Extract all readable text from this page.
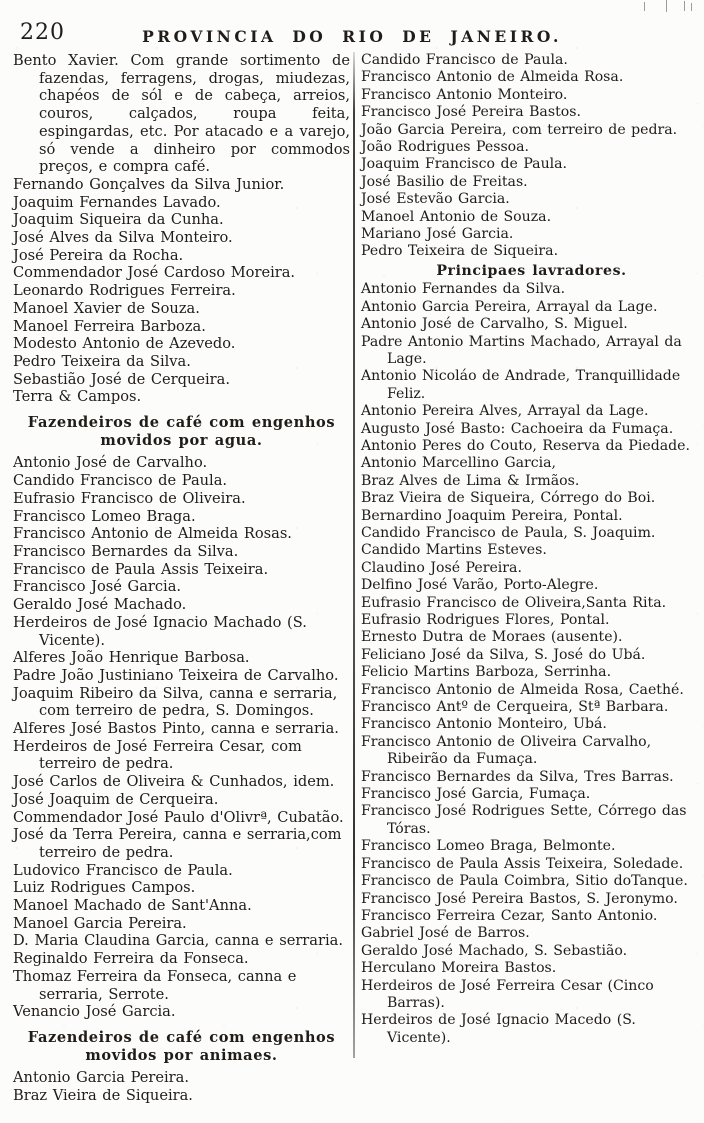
220	PROVINCIA DO RIO DE JANEIRO.

Bento Xavier. Com grande sortimento de fazendas, ferragens, drogas, miudezas, chapéos de sól e de cabeça, arreios, couros, calçados, roupa feita, espingardas, etc. Por atacado e a varejo, só vende a dinheiro por commodos preços, e compra café.

Fernando Gonçalves da Silva Junior.

Joaquim Fernandes Lavado.

Joaquim Siqueira da Cunha.

José Alves da Silva Monteiro.

José Pereira da Rocha.

Commendador José Cardoso Moreira.

Leonardo Rodrigues Ferreira.

Manoel Xavier de Souza.

Manoel Ferreira Barboza.

Modesto Antonio de Azevedo.

Pedro Teixeira da Silva.

Sebastião José de Cerqueira.

Terra & Campos.

Fazendeiros de café com engenhos movidos por agua.

Antonio José de Carvalho.

Candido Francisco de Paula.

Eufrasio Francisco de Oliveira.

Francisco Lomeo Braga.

Francisco Antonio de Almeida Rosas.

Francisco Bernardes da Silva.

Francisco de Paula Assis Teixeira.

Francisco José Garcia.

Geraldo José Machado.

Herdeiros de José Ignacio Machado (S. Vicente).

Alferes João Henrique Barbosa.

Padre João Justiniano Teixeira de Carvalho.

Joaquim Ribeiro da Silva, canna e serraria, com terreiro de pedra, S. Domingos.

Alferes José Bastos Pinto, canna e serraria.

Herdeiros de José Ferreira Cesar, com terreiro de pedra.

José Carlos de Oliveira & Cunhados, idem.

José Joaquim de Cerqueira.

Commendador José Paulo d'Olivrª, Cubatão.

José da Terra Pereira, canna e serraria,com terreiro de pedra.

Ludovico Francisco de Paula.

Luiz Rodrigues Campos.

Manoel Machado de Sant'Anna.

Manoel Garcia Pereira.

D. Maria Claudina Garcia, canna e serraria.

Reginaldo Ferreira da Fonseca.

Thomaz Ferreira da Fonseca, canna e serraria, Serrote.

Venancio José Garcia.

Fazendeiros de café com engenhos movidos por animaes.

Antonio Garcia Pereira.

Braz Vieira de Siqueira.

Candido Francisco de Paula.

Francisco Antonio de Almeida Rosa.

Francisco Antonio Monteiro.

Francisco José Pereira Bastos.

João Garcia Pereira, com terreiro de pedra.

João Rodrigues Pessoa.

Joaquim Francisco de Paula.

José Basilio de Freitas.

José Estevão Garcia.

Manoel Antonio de Souza.

Mariano José Garcia.

Pedro Teixeira de Siqueira.

Principaes lavradores.

Antonio Fernandes da Silva.

Antonio Garcia Pereira, Arrayal da Lage.

Antonio José de Carvalho, S. Miguel.

Padre Antonio Martins Machado, Arrayal da Lage.

Antonio Nicoláo de Andrade, Tranquillidade Feliz.

Antonio Pereira Alves, Arrayal da Lage.

Augusto José Basto: Cachoeira da Fumaça.

Antonio Peres do Couto, Reserva da Piedade.

Antonio Marcellino Garcia,

Braz Alves de Lima & Irmãos.

Braz Vieira de Siqueira, Córrego do Boi.

Bernardino Joaquim Pereira, Pontal.

Candido Francisco de Paula, S. Joaquim.

Candido Martins Esteves.

Claudino José Pereira.

Delfino José Varão, Porto-Alegre.

Eufrasio Francisco de Oliveira,Santa Rita.

Eufrasio Rodrigues Flores, Pontal.

Ernesto Dutra de Moraes (ausente).

Feliciano José da Silva, S. José do Ubá.

Felicio Martins Barboza, Serrinha.

Francisco Antonio de Almeida Rosa, Caethé.

Francisco Antº de Cerqueira, Stª Barbara.

Francisco Antonio Monteiro, Ubá.

Francisco Antonio de Oliveira Carvalho, Ribeirão da Fumaça.

Francisco Bernardes da Silva, Tres Barras.

Francisco José Garcia, Fumaça.

Francisco José Rodrigues Sette, Córrego das Tóras.

Francisco Lomeo Braga, Belmonte.

Francisco de Paula Assis Teixeira, Soledade.

Francisco de Paula Coimbra, Sitio doTanque.

Francisco José Pereira Bastos, S. Jeronymo.

Francisco Ferreira Cezar, Santo Antonio.

Gabriel José de Barros.

Geraldo José Machado, S. Sebastião.

Herculano Moreira Bastos.

Herdeiros de José Ferreira Cesar (Cinco Barras).

Herdeiros de José Ignacio Macedo (S. Vicente).
